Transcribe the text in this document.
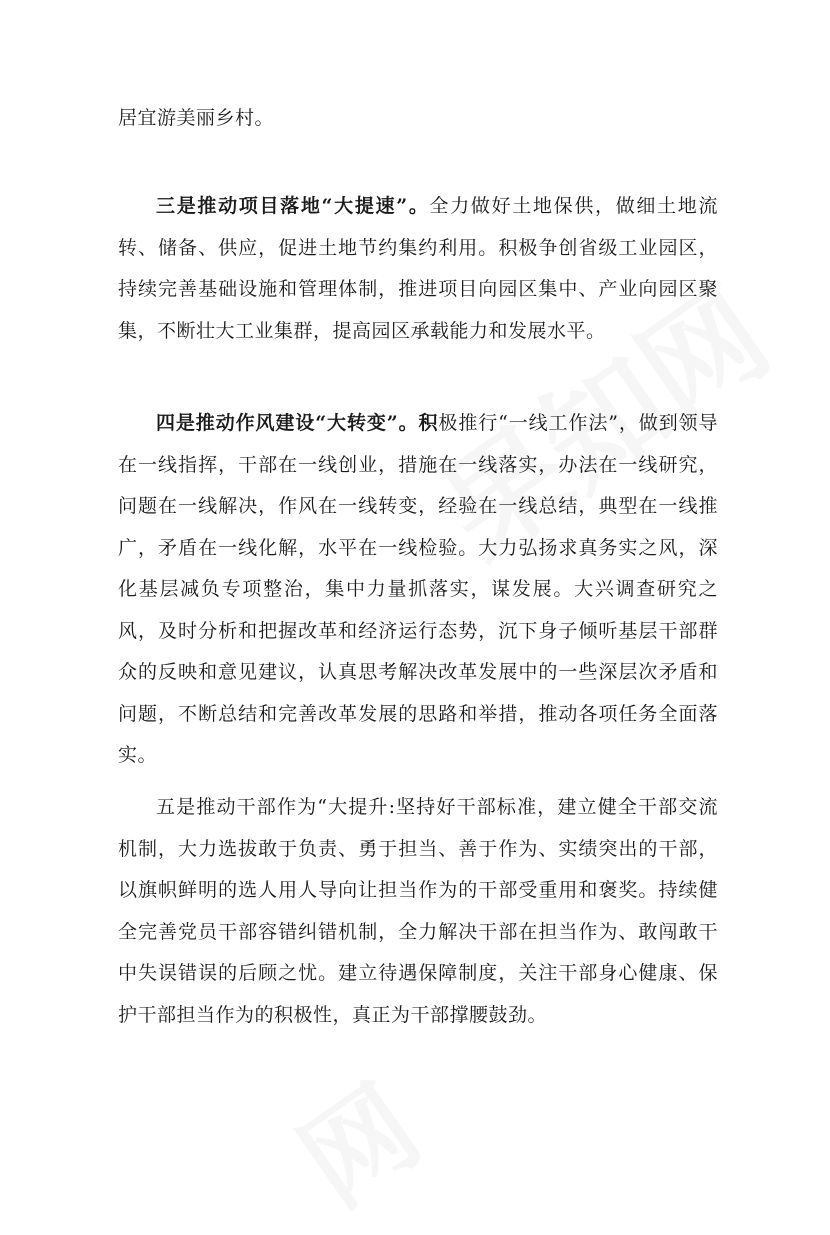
居宜游美丽乡村。

三是推动项目落地“大提速”。全力做好土地保供，做细土地流转、储备、供应，促进土地节约集约利用。积极争创省级工业园区，持续完善基础设施和管理体制，推进项目向园区集中、产业向园区聚集，不断壮大工业集群，提高园区承载能力和发展水平。

四是推动作风建设“大转变”。积极推行“一线工作法”，做到领导在一线指挥，干部在一线创业，措施在一线落实，办法在一线研究，问题在一线解决，作风在一线转变，经验在一线总结，典型在一线推广，矛盾在一线化解，水平在一线检验。大力弘扬求真务实之风，深化基层减负专项整治，集中力量抓落实，谋发展。大兴调查研究之风，及时分析和把握改革和经济运行态势，沉下身子倾听基层干部群众的反映和意见建议，认真思考解决改革发展中的一些深层次矛盾和问题，不断总结和完善改革发展的思路和举措，推动各项任务全面落实。

五是推动干部作为“大提升:坚持好干部标准，建立健全干部交流机制，大力选拔敢于负责、勇于担当、善于作为、实绩突出的干部，以旗帜鲜明的选人用人导向让担当作为的干部受重用和褒奖。持续健全完善党员干部容错纠错机制，全力解决干部在担当作为、敢闯敢干中失误错误的后顾之忧。建立待遇保障制度，关注干部身心健康、保护干部担当作为的积极性，真正为干部撑腰鼓劲。
